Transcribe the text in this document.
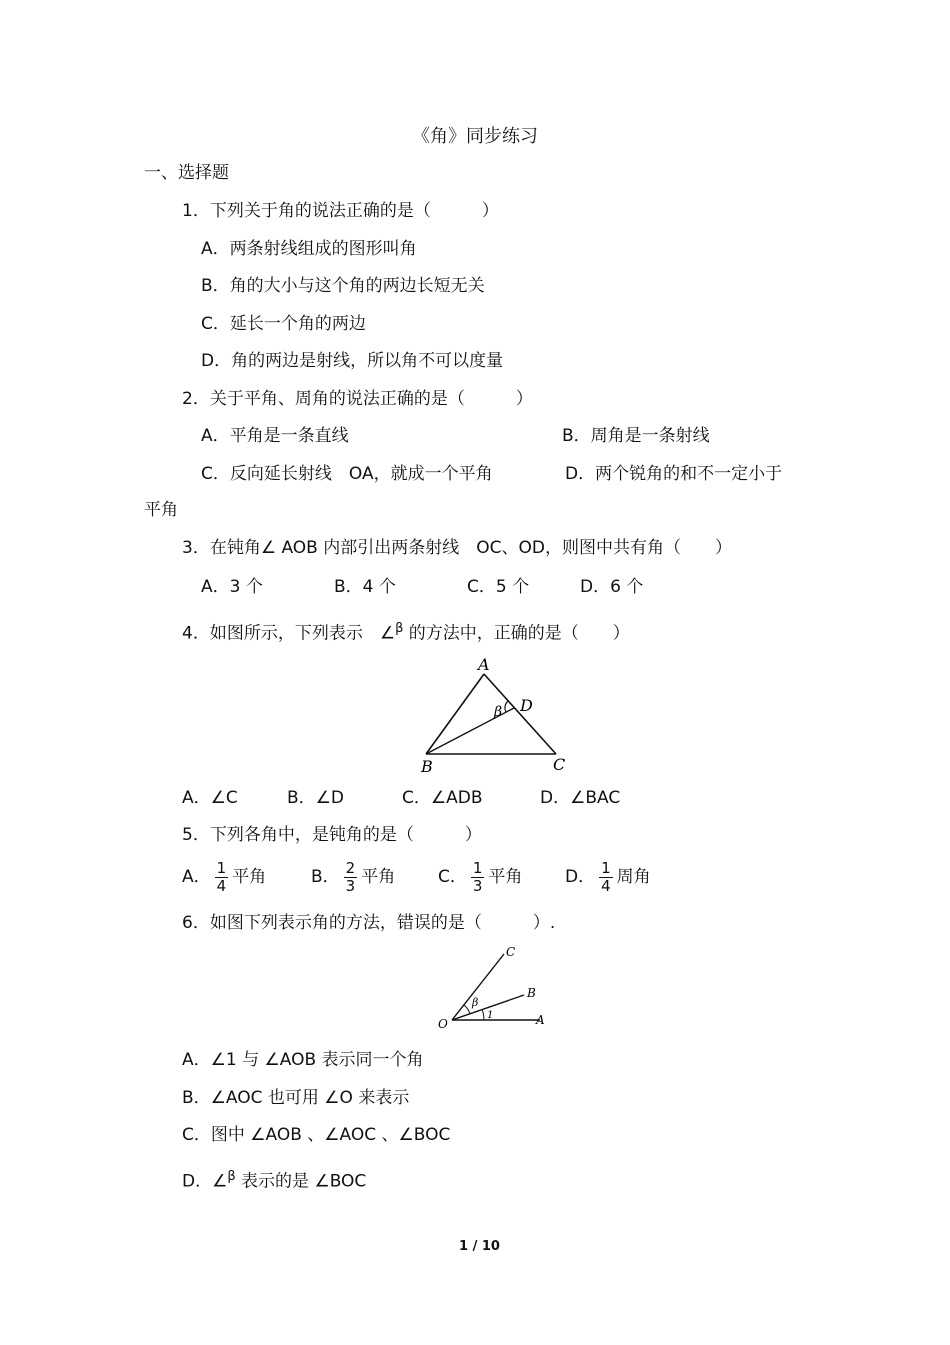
《角》同步练习
一、选择题
1．下列关于角的说法正确的是（　　　）
A．两条射线组成的图形叫角
B．角的大小与这个角的两边长短无关
C．延长一个角的两边
D．角的两边是射线，所以角不可以度量
2．关于平角、周角的说法正确的是（　　　）
A．平角是一条直线	B．周角是一条射线
C．反向延长射线　OA，就成一个平角	D．两个锐角的和不一定小于
平角
3．在钝角∠ AOB 内部引出两条射线　OC、OD，则图中共有角（　　）
A．3 个	B．4 个	C．5 个	D．6 个
4．如图所示，下列表示　∠$^\beta$ 的方法中，正确的是（　　）
A
B	C
D
β
A．∠C	B．∠D	C．∠ADB	D．∠BAC
5．下列各角中，是钝角的是（　　　）
A． $\frac{1}{4}$ 平角	B． $\frac{2}{3}$ 平角	C． $\frac{1}{3}$ 平角	D． $\frac{1}{4}$ 周角
6．如图下列表示角的方法，错误的是（　　　）.
O	A
B
C
β
1
A．∠1 与 ∠AOB 表示同一个角
B．∠AOC 也可用 ∠O 来表示
C．图中 ∠AOB 、∠AOC 、∠BOC
D．∠$^\beta$ 表示的是 ∠BOC
1 / 10
